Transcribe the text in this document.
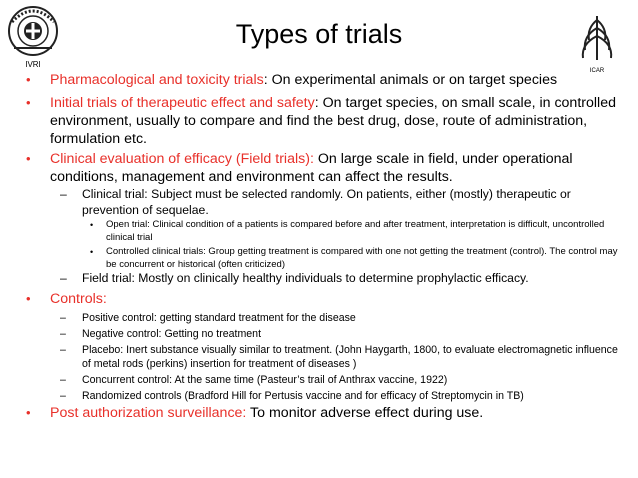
IVRI
ICAR
Types of trials
•	Pharmacological and toxicity trials: On experimental animals or on target species
•	Initial trials of therapeutic effect and safety: On target species, on small scale, in controlled environment, usually to compare and find the best drug, dose, route of administration, formulation etc.
•	Clinical evaluation of efficacy (Field trials): On large scale in field, under operational conditions, management and environment can affect the results.
–	Clinical trial: Subject must be selected randomly. On patients, either (mostly) therapeutic or prevention of sequelae.
•	Open trial: Clinical condition of a patients is compared before and after treatment, interpretation is difficult, uncontrolled clinical trial
•	Controlled clinical trials: Group getting treatment is compared with one not getting the treatment (control). The control may be concurrent or historical (often criticized)
–	Field trial: Mostly on clinically healthy individuals to determine prophylactic efficacy.
•	Controls:
–	Positive control: getting standard treatment for the disease
–	Negative control: Getting no treatment
–	Placebo: Inert substance visually similar to treatment. (John Haygarth, 1800, to evaluate electromagnetic influence of metal rods (perkins) insertion for treatment of diseases )
–	Concurrent control: At the same time (Pasteur’s trail of Anthrax vaccine, 1922)
–	Randomized controls (Bradford Hill for Pertusis vaccine and for efficacy of Streptomycin in TB)
•	Post authorization surveillance: To monitor adverse effect during use.
